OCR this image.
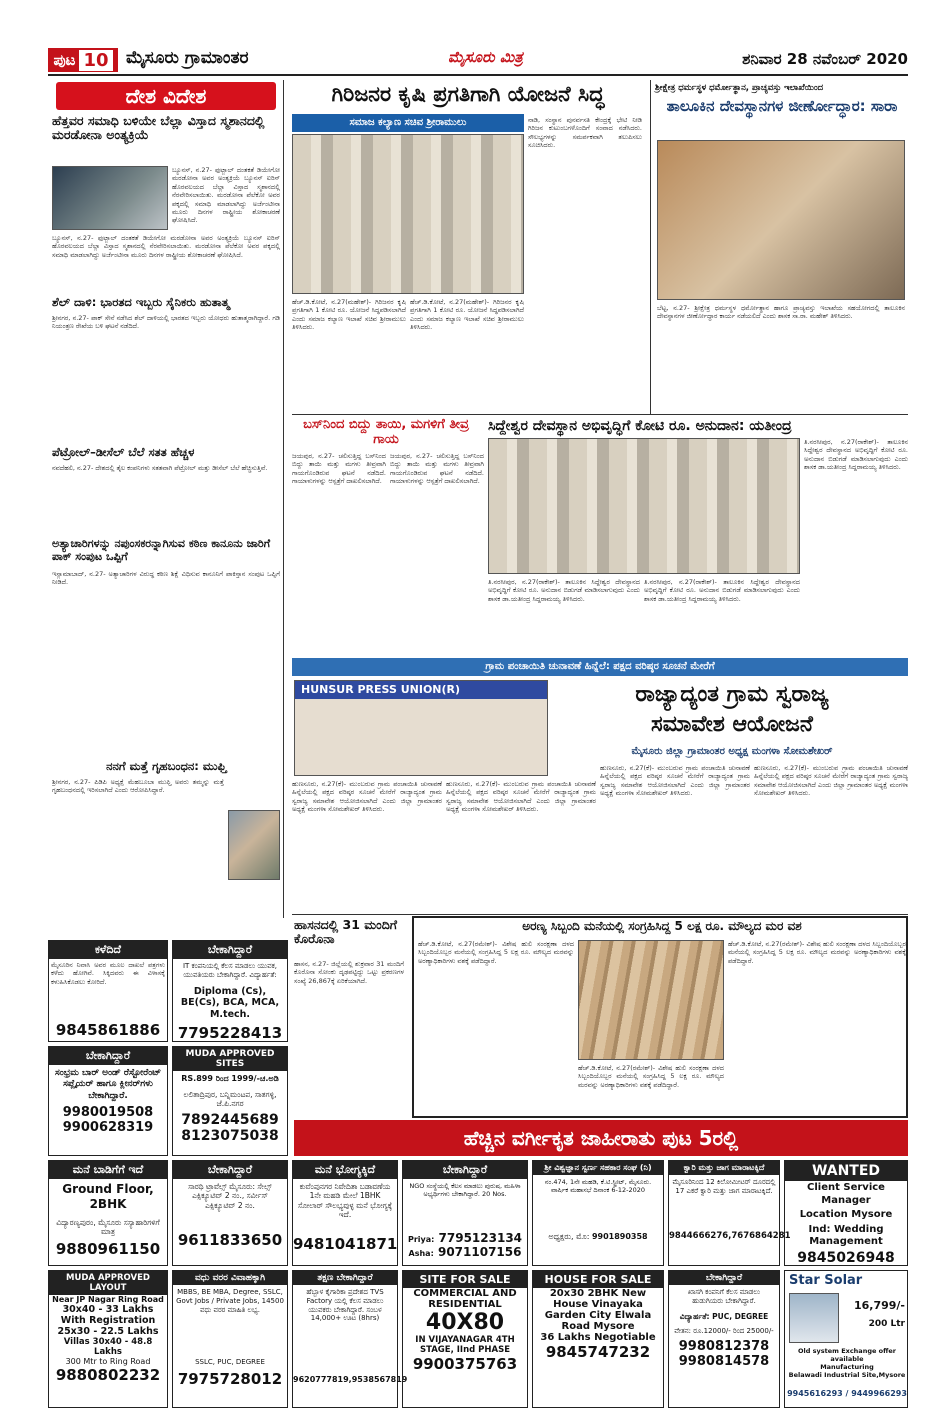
ಪುಟ 10 ಮೈಸೂರು ಗ್ರಾಮಾಂತರ	ಮೈಸೂರು ಮಿತ್ರ	ಶನಿವಾರ 28 ನವೆಂಬರ್ 2020
ದೇಶ ವಿದೇಶ
ಹೆತ್ತವರ ಸಮಾಧಿ ಬಳಿಯೇ ಬೆಲ್ಲಾ ವಿಸ್ತಾದ ಸ್ಮಶಾನದಲ್ಲಿ ಮರಡೋನಾ ಅಂತ್ಯಕ್ರಿಯೆ
ಬ್ಯೂನಸ್, ನ.27- ಫುಟ್ಬಾಲ್ ದಂತಕತೆ ಡಿಯೇಗೋ ಮರಡೋನಾ ಅವರ ಅಂತ್ಯಕ್ರಿಯೆ ಬ್ಯೂನಸ್ ಐರಿಸ್ ಹೊರವಲಯದ ಬೆಲ್ಲಾ ವಿಸ್ತಾದ ಸ್ಮಶಾನದಲ್ಲಿ ನೆರವೇರಿಸಲಾಯಿತು. ಮರಡೋನಾ ಪೆಲೆಕೋ ಅವರ ಪಕ್ಕದಲ್ಲಿ ಸಮಾಧಿ ಮಾಡಲಾಗಿದ್ದು ಅರ್ಜೆಂಟೀನಾ ಮೂರು ದಿನಗಳ ರಾಷ್ಟ್ರೀಯ ಶೋಕಾಚರಣೆ ಘೋಷಿಸಿದೆ.
ಬ್ಯೂನಸ್, ನ.27- ಫುಟ್ಬಾಲ್ ದಂತಕತೆ ಡಿಯೇಗೋ ಮರಡೋನಾ ಅವರ ಅಂತ್ಯಕ್ರಿಯೆ ಬ್ಯೂನಸ್ ಐರಿಸ್ ಹೊರವಲಯದ ಬೆಲ್ಲಾ ವಿಸ್ತಾದ ಸ್ಮಶಾನದಲ್ಲಿ ನೆರವೇರಿಸಲಾಯಿತು. ಮರಡೋನಾ ಪೆಲೆಕೋ ಅವರ ಪಕ್ಕದಲ್ಲಿ ಸಮಾಧಿ ಮಾಡಲಾಗಿದ್ದು ಅರ್ಜೆಂಟೀನಾ ಮೂರು ದಿನಗಳ ರಾಷ್ಟ್ರೀಯ ಶೋಕಾಚರಣೆ ಘೋಷಿಸಿದೆ.
ಶೆಲ್ ದಾಳಿ: ಭಾರತದ ಇಬ್ಬರು ಸೈನಿಕರು ಹುತಾತ್ಮ
ಶ್ರೀನಗರ, ನ.27- ಪಾಕ್ ಸೇನೆ ನಡೆಸಿದ ಶೆಲ್ ದಾಳಿಯಲ್ಲಿ ಭಾರತದ ಇಬ್ಬರು ಯೋಧರು ಹುತಾತ್ಮರಾಗಿದ್ದಾರೆ. ಗಡಿ ನಿಯಂತ್ರಣ ರೇಖೆಯ ಬಳಿ ಘಟನೆ ನಡೆದಿದೆ.
ಪೆಟ್ರೋಲ್–ಡೀಸೆಲ್ ಬೆಲೆ ಸತತ ಹೆಚ್ಚಳ
ನವದೆಹಲಿ, ನ.27- ದೇಶದಲ್ಲಿ ತೈಲ ಕಂಪನಿಗಳು ಸತತವಾಗಿ ಪೆಟ್ರೋಲ್ ಮತ್ತು ಡೀಸೆಲ್ ಬೆಲೆ ಹೆಚ್ಚಿಸುತ್ತಿವೆ.
ಅತ್ಯಾಚಾರಿಗಳನ್ನು ನಪುಂಸಕರನ್ನಾಗಿಸುವ ಕಠಿಣ ಕಾನೂನು ಜಾರಿಗೆ ಪಾಕ್ ಸಂಪುಟ ಒಪ್ಪಿಗೆ
ಇಸ್ಲಾಮಾಬಾದ್, ನ.27- ಅತ್ಯಾಚಾರಿಗಳ ವಿರುದ್ಧ ಕಠಿಣ ಶಿಕ್ಷೆ ವಿಧಿಸುವ ಕಾನೂನಿಗೆ ಪಾಕಿಸ್ತಾನ ಸಂಪುಟ ಒಪ್ಪಿಗೆ ನೀಡಿದೆ.
ನನಗೆ ಮತ್ತೆ ಗೃಹಬಂಧನ: ಮುಫ್ತಿ
ಶ್ರೀನಗರ, ನ.27- ಪಿಡಿಪಿ ಅಧ್ಯಕ್ಷೆ ಮೆಹಬೂಬಾ ಮುಫ್ತಿ ಅವರು ತಮ್ಮನ್ನು ಮತ್ತೆ ಗೃಹಬಂಧನದಲ್ಲಿ ಇರಿಸಲಾಗಿದೆ ಎಂದು ಆರೋಪಿಸಿದ್ದಾರೆ.
ಗಿರಿಜನರ ಕೃಷಿ ಪ್ರಗತಿಗಾಗಿ ಯೋಜನೆ ಸಿದ್ಧ
ಸಮಾಜ ಕಲ್ಯಾಣ ಸಚಿವ ಶ್ರೀರಾಮುಲು
ಹೆಚ್.ಡಿ.ಕೋಟೆ, ನ.27(ಮಹೇಶ್)- ಗಿರಿಜನರ ಕೃಷಿ ಪ್ರಗತಿಗಾಗಿ 1 ಕೋಟಿ ರೂ. ಯೋಜನೆ ಸಿದ್ಧಪಡಿಸಲಾಗಿದೆ ಎಂದು ಸಮಾಜ ಕಲ್ಯಾಣ ಇಲಾಖೆ ಸಚಿವ ಶ್ರೀರಾಮುಲು ತಿಳಿಸಿದರು.
ಹೆಚ್.ಡಿ.ಕೋಟೆ, ನ.27(ಮಹೇಶ್)- ಗಿರಿಜನರ ಕೃಷಿ ಪ್ರಗತಿಗಾಗಿ 1 ಕೋಟಿ ರೂ. ಯೋಜನೆ ಸಿದ್ಧಪಡಿಸಲಾಗಿದೆ ಎಂದು ಸಮಾಜ ಕಲ್ಯಾಣ ಇಲಾಖೆ ಸಚಿವ ಶ್ರೀರಾಮುಲು ತಿಳಿಸಿದರು.
ನಾಡಿ, ಸಂಸ್ಥಾನ ಪುನರ್ವಸತಿ ಕೇಂದ್ರಕ್ಕೆ ಭೇಟಿ ನೀಡಿ ಗಿರಿಜನ ಕುಟುಂಬಗಳೊಂದಿಗೆ ಸಂವಾದ ನಡೆಸಿದರು. ಸೌಲಭ್ಯಗಳನ್ನು ಸಮರ್ಪಕವಾಗಿ ತಲುಪಿಸಲು ಸೂಚಿಸಿದರು.
ಶ್ರೀಕ್ಷೇತ್ರ ಧರ್ಮಸ್ಥಳ ಧರ್ಮೋತ್ಥಾನ, ಪ್ರಾಚ್ಯವಸ್ತು ಇಲಾಖೆಯಿಂದ
ತಾಲೂಕಿನ ದೇವಸ್ಥಾನಗಳ ಜೀರ್ಣೋದ್ಧಾರ: ಸಾರಾ
ಬೆಟ್ಟ, ನ.27- ಶ್ರೀಕ್ಷೇತ್ರ ಧರ್ಮಸ್ಥಳ ಧರ್ಮೋತ್ಥಾನ ಹಾಗೂ ಪ್ರಾಚ್ಯವಸ್ತು ಇಲಾಖೆಯ ಸಹಯೋಗದಲ್ಲಿ ತಾಲೂಕಿನ ದೇವಸ್ಥಾನಗಳ ಜೀರ್ಣೋದ್ಧಾರ ಕಾರ್ಯ ನಡೆಯಲಿದೆ ಎಂದು ಶಾಸಕ ಸಾ.ರಾ. ಮಹೇಶ್ ತಿಳಿಸಿದರು.
ಬಸ್‌ನಿಂದ ಬಿದ್ದು ತಾಯಿ, ಮಗಳಿಗೆ ತೀವ್ರ ಗಾಯ
ಜಯಪುರ, ನ.27- ಚಲಿಸುತ್ತಿದ್ದ ಬಸ್‌ನಿಂದ ಬಿದ್ದು ತಾಯಿ ಮತ್ತು ಮಗಳು ತೀವ್ರವಾಗಿ ಗಾಯಗೊಂಡಿರುವ ಘಟನೆ ನಡೆದಿದೆ. ಗಾಯಾಳುಗಳನ್ನು ಆಸ್ಪತ್ರೆಗೆ ದಾಖಲಿಸಲಾಗಿದೆ.
ಜಯಪುರ, ನ.27- ಚಲಿಸುತ್ತಿದ್ದ ಬಸ್‌ನಿಂದ ಬಿದ್ದು ತಾಯಿ ಮತ್ತು ಮಗಳು ತೀವ್ರವಾಗಿ ಗಾಯಗೊಂಡಿರುವ ಘಟನೆ ನಡೆದಿದೆ. ಗಾಯಾಳುಗಳನ್ನು ಆಸ್ಪತ್ರೆಗೆ ದಾಖಲಿಸಲಾಗಿದೆ.
ಸಿದ್ದೇಶ್ವರ ದೇವಸ್ಥಾನ ಅಭಿವೃದ್ಧಿಗೆ ಕೋಟಿ ರೂ. ಅನುದಾನ: ಯತೀಂದ್ರ
ತಿ.ನರಸೀಪುರ, ನ.27(ರಾಕೇಶ್)- ತಾಲೂಕಿನ ಸಿದ್ದೇಶ್ವರ ದೇವಸ್ಥಾನದ ಅಭಿವೃದ್ಧಿಗೆ ಕೋಟಿ ರೂ. ಅನುದಾನ ಬಿಡುಗಡೆ ಮಾಡಿಸಲಾಗುವುದು ಎಂದು ಶಾಸಕ ಡಾ.ಯತೀಂದ್ರ ಸಿದ್ದರಾಮಯ್ಯ ತಿಳಿಸಿದರು.
ತಿ.ನರಸೀಪುರ, ನ.27(ರಾಕೇಶ್)- ತಾಲೂಕಿನ ಸಿದ್ದೇಶ್ವರ ದೇವಸ್ಥಾನದ ಅಭಿವೃದ್ಧಿಗೆ ಕೋಟಿ ರೂ. ಅನುದಾನ ಬಿಡುಗಡೆ ಮಾಡಿಸಲಾಗುವುದು ಎಂದು ಶಾಸಕ ಡಾ.ಯತೀಂದ್ರ ಸಿದ್ದರಾಮಯ್ಯ ತಿಳಿಸಿದರು.
ತಿ.ನರಸೀಪುರ, ನ.27(ರಾಕೇಶ್)- ತಾಲೂಕಿನ ಸಿದ್ದೇಶ್ವರ ದೇವಸ್ಥಾನದ ಅಭಿವೃದ್ಧಿಗೆ ಕೋಟಿ ರೂ. ಅನುದಾನ ಬಿಡುಗಡೆ ಮಾಡಿಸಲಾಗುವುದು ಎಂದು ಶಾಸಕ ಡಾ.ಯತೀಂದ್ರ ಸಿದ್ದರಾಮಯ್ಯ ತಿಳಿಸಿದರು.
ಗ್ರಾಮ ಪಂಚಾಯಿತಿ ಚುನಾವಣೆ ಹಿನ್ನೆಲೆ: ಪಕ್ಷದ ವರಿಷ್ಠರ ಸೂಚನೆ ಮೇರೆಗೆ
HUNSUR PRESS UNION(R)	ರಾಜ್ಯಾದ್ಯಂತ ಗ್ರಾಮ ಸ್ವರಾಜ್ಯ
ಸಮಾವೇಶ ಆಯೋಜನೆ
ಮೈಸೂರು ಜಿಲ್ಲಾ ಗ್ರಾಮಾಂತರ ಅಧ್ಯಕ್ಷ ಮಂಗಳಾ ಸೋಮಶೇಖರ್
ಹುಣಸೂರು, ನ.27(ಕೆ)- ಮುಂಬರುವ ಗ್ರಾಮ ಪಂಚಾಯಿತಿ ಚುನಾವಣೆ ಹಿನ್ನೆಲೆಯಲ್ಲಿ ಪಕ್ಷದ ವರಿಷ್ಠರ ಸೂಚನೆ ಮೇರೆಗೆ ರಾಜ್ಯಾದ್ಯಂತ ಗ್ರಾಮ ಸ್ವರಾಜ್ಯ ಸಮಾವೇಶ ಆಯೋಜಿಸಲಾಗಿದೆ ಎಂದು ಜಿಲ್ಲಾ ಗ್ರಾಮಾಂತರ ಅಧ್ಯಕ್ಷೆ ಮಂಗಳಾ ಸೋಮಶೇಖರ್ ತಿಳಿಸಿದರು.
ಹುಣಸೂರು, ನ.27(ಕೆ)- ಮುಂಬರುವ ಗ್ರಾಮ ಪಂಚಾಯಿತಿ ಚುನಾವಣೆ ಹಿನ್ನೆಲೆಯಲ್ಲಿ ಪಕ್ಷದ ವರಿಷ್ಠರ ಸೂಚನೆ ಮೇರೆಗೆ ರಾಜ್ಯಾದ್ಯಂತ ಗ್ರಾಮ ಸ್ವರಾಜ್ಯ ಸಮಾವೇಶ ಆಯೋಜಿಸಲಾಗಿದೆ ಎಂದು ಜಿಲ್ಲಾ ಗ್ರಾಮಾಂತರ ಅಧ್ಯಕ್ಷೆ ಮಂಗಳಾ ಸೋಮಶೇಖರ್ ತಿಳಿಸಿದರು.
ಹುಣಸೂರು, ನ.27(ಕೆ)- ಮುಂಬರುವ ಗ್ರಾಮ ಪಂಚಾಯಿತಿ ಚುನಾವಣೆ ಹಿನ್ನೆಲೆಯಲ್ಲಿ ಪಕ್ಷದ ವರಿಷ್ಠರ ಸೂಚನೆ ಮೇರೆಗೆ ರಾಜ್ಯಾದ್ಯಂತ ಗ್ರಾಮ ಸ್ವರಾಜ್ಯ ಸಮಾವೇಶ ಆಯೋಜಿಸಲಾಗಿದೆ ಎಂದು ಜಿಲ್ಲಾ ಗ್ರಾಮಾಂತರ ಅಧ್ಯಕ್ಷೆ ಮಂಗಳಾ ಸೋಮಶೇಖರ್ ತಿಳಿಸಿದರು.
ಹುಣಸೂರು, ನ.27(ಕೆ)- ಮುಂಬರುವ ಗ್ರಾಮ ಪಂಚಾಯಿತಿ ಚುನಾವಣೆ ಹಿನ್ನೆಲೆಯಲ್ಲಿ ಪಕ್ಷದ ವರಿಷ್ಠರ ಸೂಚನೆ ಮೇರೆಗೆ ರಾಜ್ಯಾದ್ಯಂತ ಗ್ರಾಮ ಸ್ವರಾಜ್ಯ ಸಮಾವೇಶ ಆಯೋಜಿಸಲಾಗಿದೆ ಎಂದು ಜಿಲ್ಲಾ ಗ್ರಾಮಾಂತರ ಅಧ್ಯಕ್ಷೆ ಮಂಗಳಾ ಸೋಮಶೇಖರ್ ತಿಳಿಸಿದರು.
ಹಾಸನದಲ್ಲಿ 31 ಮಂದಿಗೆ ಕೊರೊನಾ
ಹಾಸನ, ನ.27- ಜಿಲ್ಲೆಯಲ್ಲಿ ಶುಕ್ರವಾರ 31 ಮಂದಿಗೆ ಕೊರೊನಾ ಸೋಂಕು ದೃಢಪಟ್ಟಿದ್ದು ಒಟ್ಟು ಪ್ರಕರಣಗಳ ಸಂಖ್ಯೆ 26,867ಕ್ಕೆ ಏರಿಕೆಯಾಗಿದೆ.
ಅರಣ್ಯ ಸಿಬ್ಬಂದಿ ಮನೆಯಲ್ಲಿ ಸಂಗ್ರಹಿಸಿದ್ದ 5 ಲಕ್ಷ ರೂ. ಮೌಲ್ಯದ ಮರ ವಶ
ಹೆಚ್.ಡಿ.ಕೋಟೆ, ನ.27(ರಮೇಶ್)- ವಿಶೇಷ ಹುಲಿ ಸಂರಕ್ಷಣಾ ದಳದ ಸಿಬ್ಬಂದಿಯೊಬ್ಬರ ಮನೆಯಲ್ಲಿ ಸಂಗ್ರಹಿಸಿದ್ದ 5 ಲಕ್ಷ ರೂ. ಮೌಲ್ಯದ ಮರವನ್ನು ಅರಣ್ಯಾಧಿಕಾರಿಗಳು ವಶಕ್ಕೆ ಪಡೆದಿದ್ದಾರೆ.
ಹೆಚ್.ಡಿ.ಕೋಟೆ, ನ.27(ರಮೇಶ್)- ವಿಶೇಷ ಹುಲಿ ಸಂರಕ್ಷಣಾ ದಳದ ಸಿಬ್ಬಂದಿಯೊಬ್ಬರ ಮನೆಯಲ್ಲಿ ಸಂಗ್ರಹಿಸಿದ್ದ 5 ಲಕ್ಷ ರೂ. ಮೌಲ್ಯದ ಮರವನ್ನು ಅರಣ್ಯಾಧಿಕಾರಿಗಳು ವಶಕ್ಕೆ ಪಡೆದಿದ್ದಾರೆ.
ಹೆಚ್.ಡಿ.ಕೋಟೆ, ನ.27(ರಮೇಶ್)- ವಿಶೇಷ ಹುಲಿ ಸಂರಕ್ಷಣಾ ದಳದ ಸಿಬ್ಬಂದಿಯೊಬ್ಬರ ಮನೆಯಲ್ಲಿ ಸಂಗ್ರಹಿಸಿದ್ದ 5 ಲಕ್ಷ ರೂ. ಮೌಲ್ಯದ ಮರವನ್ನು ಅರಣ್ಯಾಧಿಕಾರಿಗಳು ವಶಕ್ಕೆ ಪಡೆದಿದ್ದಾರೆ.
ಹೆಚ್ಚಿನ ವರ್ಗೀಕೃತ ಜಾಹೀರಾತು ಪುಟ 5ರಲ್ಲಿ
ಕಳೆದಿದೆ
ಮೈಸೂರಿನ ನಿವಾಸಿ ಅವರ ಮೂಲ ದಾಖಲೆ ಪತ್ರಗಳು ಕಳೆದು ಹೋಗಿವೆ. ಸಿಕ್ಕಿದವರು ಈ ವಿಳಾಸಕ್ಕೆ ಕಳುಹಿಸಿಕೊಡಲು ಕೋರಿದೆ.
9845861886
ಬೇಕಾಗಿದ್ದಾರೆ
IT ಕಂಪನಿಯಲ್ಲಿ ಕೆಲಸ ಮಾಡಲು ಯುವಕ, ಯುವತಿಯರು ಬೇಕಾಗಿದ್ದಾರೆ. ವಿದ್ಯಾರ್ಹತೆ:
Diploma (Cs), BE(Cs), BCA, MCA, M.tech.
7795228413
ಬೇಕಾಗಿದ್ದಾರೆ
ಸಂಭ್ರಮ ಬಾರ್ ಅಂಡ್ ರೆಸ್ಟೋರೆಂಟ್ ಸಪ್ಲೈಯರ್ ಹಾಗೂ ಕ್ಲೀನರ್‌ಗಳು ಬೇಕಾಗಿದ್ದಾರೆ.
9980019508
9900628319
MUDA APPROVED SITES
RS.899 ರಿಂದ 1999/-ಚ.ಅಡಿ
ಲಲಿತಾದ್ರಿಪುರ, ಬನ್ನಿಮಂಟಪ, ಸಾತಗಳ್ಳಿ, ಜೆ.ಪಿ.ನಗರ
7892445689
8123075038
ಮನೆ ಬಾಡಿಗೆಗೆ ಇದೆ
Ground Floor, 2BHK
ವಿದ್ಯಾರಣ್ಯಪುರಂ, ಮೈಸೂರು ಸಸ್ಯಾಹಾರಿಗಳಿಗೆ ಮಾತ್ರ
9880961150
ಬೇಕಾಗಿದ್ದಾರೆ
ಸಾರಥಿ ಟ್ರಾವೆಲ್ಸ್ ಮೈಸೂರು: ಸೇಲ್ಸ್ ಎಕ್ಸಿಕ್ಯೂಟಿವ್ 2 ನಂ., ಸರ್ವೀಸ್ ಎಕ್ಸಿಕ್ಯೂಟಿವ್ 2 ನಂ.
9611833650
ಮನೆ ಭೋಗ್ಯಕ್ಕಿದೆ
ಕುವೆಂಪುನಗರ ನಿವೇದಿತಾ ಬಡಾವಣೆಯ 1ನೇ ಮಹಡಿ ಮೇಲೆ 1BHK ಸೋಲಾರ್ ಸೌಲಭ್ಯವುಳ್ಳ ಮನೆ ಭೋಗ್ಯಕ್ಕೆ ಇದೆ.
9481041871
ಬೇಕಾಗಿದ್ದಾರೆ
NGO ಸಂಸ್ಥೆಯಲ್ಲಿ ಕೆಲಸ ಮಾಡಲು ಪುರುಷ, ಮಹಿಳಾ ಅಭ್ಯರ್ಥಿಗಳು ಬೇಕಾಗಿದ್ದಾರೆ. 20 Nos.
Priya: 7795123134
Asha: 9071107156
ಶ್ರೀ ವಿಶ್ವಜ್ಞಾನ ಸ್ವರ್ಣ ಸಹಕಾರ ಸಂಘ (ನಿ)
ನಂ.474, 1ನೇ ಮಹಡಿ, ಕೆ.ಟಿ.ಸ್ಟ್ರೀಟ್, ಮೈಸೂರು. ವಾರ್ಷಿಕ ಮಹಾಸಭೆ ದಿನಾಂಕ 6-12-2020
ಅಧ್ಯಕ್ಷರು, ಮೊ: 9901890358
ಕ್ವಾರಿ ಮತ್ತು ಜಾಗ ಮಾರಾಟಕ್ಕಿದೆ
ಮೈಸೂರಿನಿಂದ 12 ಕಿಲೋಮೀಟರ್ ದೂರದಲ್ಲಿ 17 ಎಕರೆ ಕ್ವಾರಿ ಮತ್ತು ಜಾಗ ಮಾರಾಟಕ್ಕಿದೆ.
9844666276,7676864281
WANTED
Client Service Manager
Location Mysore
Ind: Wedding Management
9845026948
MUDA APPROVED LAYOUT
Near JP Nagar Ring Road
30x40 - 33 Lakhs
With Registration
25x30 - 22.5 Lakhs
Villas 30x40 - 48.8 Lakhs
300 Mtr to Ring Road
9880802232
ವಧು ವರರ ವಿವಾಹಕ್ಕಾಗಿ
MBBS, BE MBA, Degree, SSLC, Govt Jobs / Private Jobs, 14500 ವಧು ವರರ ಮಾಹಿತಿ ಲಭ್ಯ.
SSLC, PUC, DEGREE
7975728012
ತಕ್ಷಣ ಬೇಕಾಗಿದ್ದಾರೆ
ಹೆಬ್ಬಾಳ ಕೈಗಾರಿಕಾ ಪ್ರದೇಶದ TVS Factory ಯಲ್ಲಿ ಕೆಲಸ ಮಾಡಲು ಯುವಕರು ಬೇಕಾಗಿದ್ದಾರೆ. ಸಂಬಳ 14,000+ ಊಟ (8hrs)
9620777819,9538567819
SITE FOR SALE
COMMERCIAL AND
RESIDENTIAL
40X80
IN VIJAYANAGAR 4TH STAGE, IInd PHASE
9900375763
HOUSE FOR SALE
20x30 2BHK New
House Vinayaka
Garden City Elwala
Road Mysore
36 Lakhs Negotiable
9845747232
ಬೇಕಾಗಿದ್ದಾರೆ
ಖಾಸಗಿ ಕಂಪನಿಗೆ ಕೆಲಸ ಮಾಡಲು ಹುಡುಗಿಯರು ಬೇಕಾಗಿದ್ದಾರೆ.
ವಿದ್ಯಾರ್ಹತೆ: PUC, DEGREE
ವೇತನ: ರೂ.12000/- ರಿಂದ 25000/-
9980812378
9980814578
Star Solar
16,799/-
200 Ltr
Old system Exchange offer available
Manufacturing
Belawadi Industrial Site,Mysore
9945616293 / 9449966293
